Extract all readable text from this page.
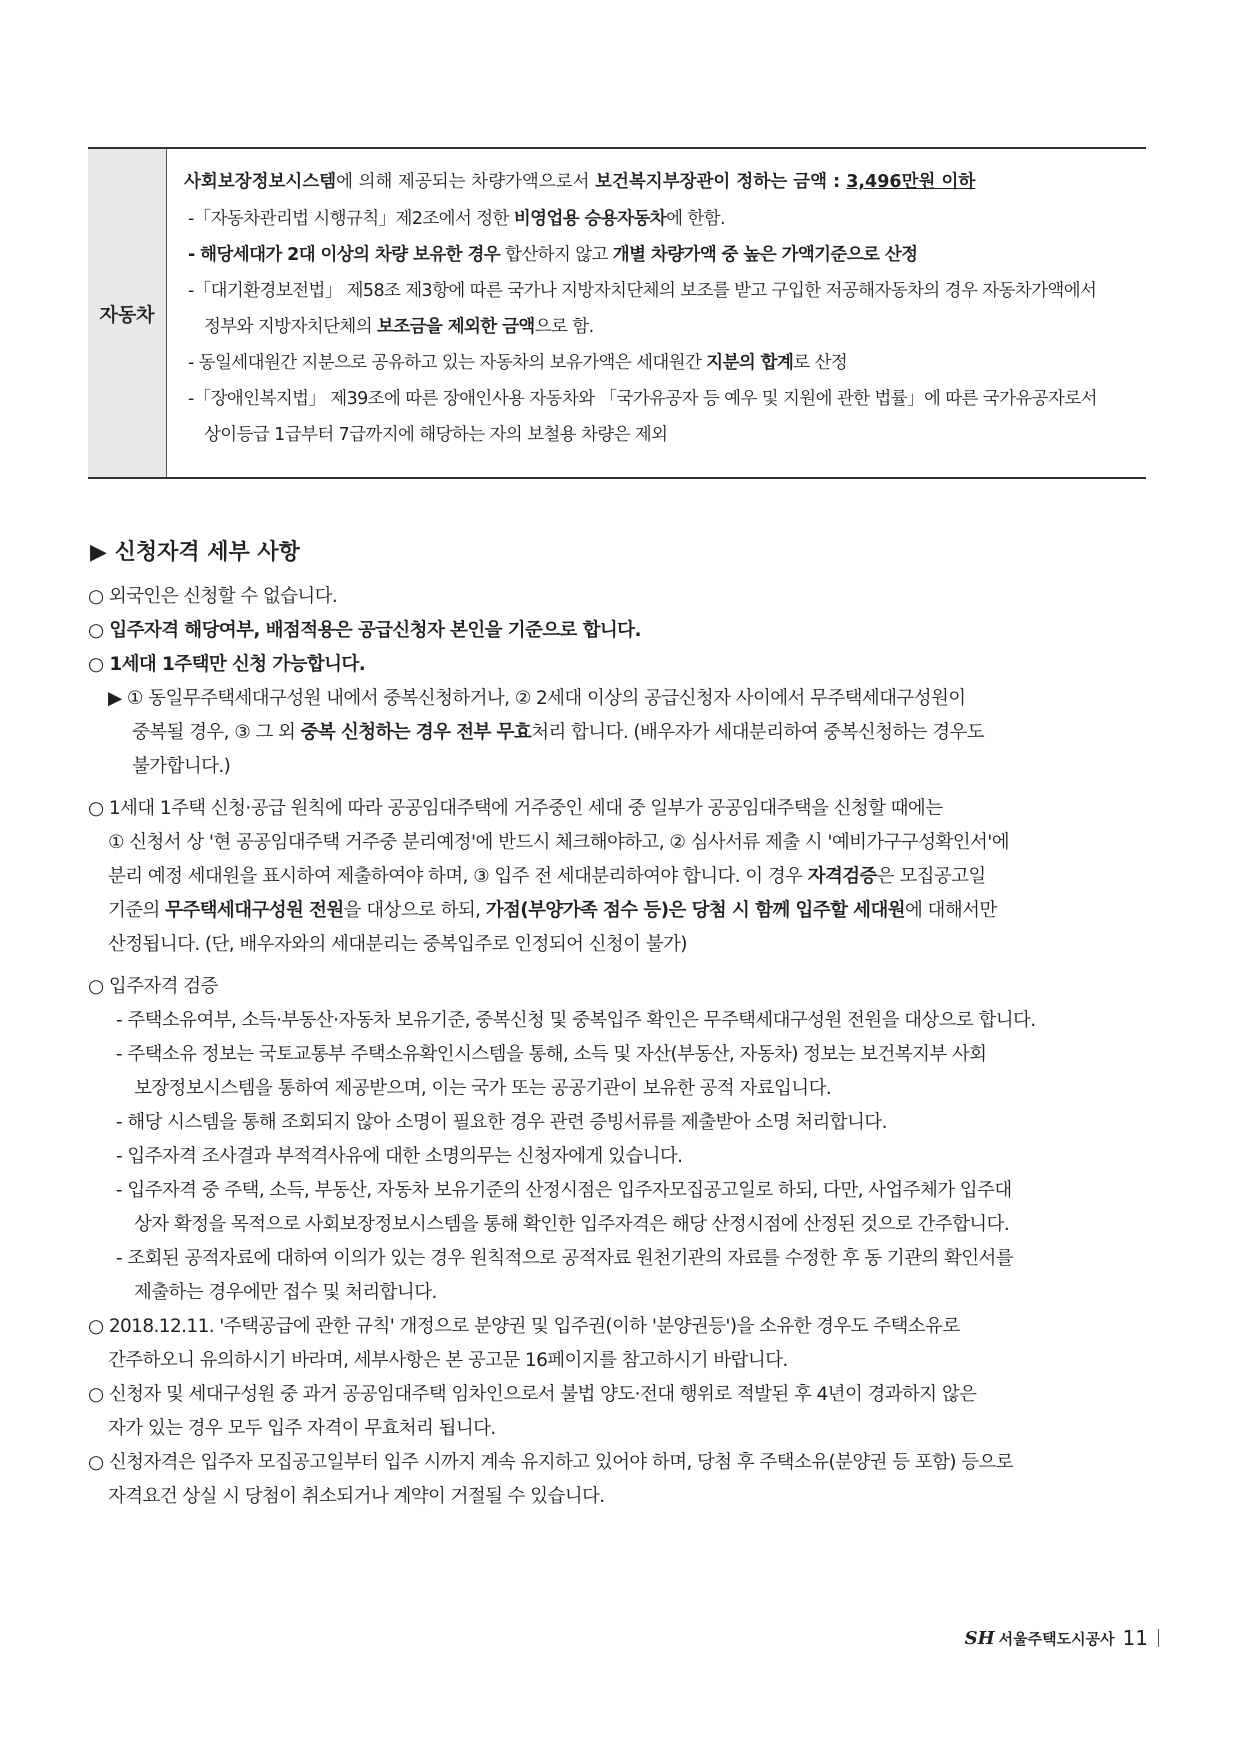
자동차
사회보장정보시스템에 의해 제공되는 차량가액으로서 보건복지부장관이 정하는 금액 : 3,496만원 이하
-「자동차관리법 시행규칙」제2조에서 정한 비영업용 승용자동차에 한함.
- 해당세대가 2대 이상의 차량 보유한 경우 합산하지 않고 개별 차량가액 중 높은 가액기준으로 산정
-「대기환경보전법」 제58조 제3항에 따른 국가나 지방자치단체의 보조를 받고 구입한 저공해자동차의 경우 자동차가액에서
정부와 지방자치단체의 보조금을 제외한 금액으로 함.
- 동일세대원간 지분으로 공유하고 있는 자동차의 보유가액은 세대원간 지분의 합계로 산정
-「장애인복지법」 제39조에 따른 장애인사용 자동차와 「국가유공자 등 예우 및 지원에 관한 법률」에 따른 국가유공자로서
상이등급 1급부터 7급까지에 해당하는 자의 보철용 차량은 제외
▶ 신청자격 세부 사항
○ 외국인은 신청할 수 없습니다.
○ 입주자격 해당여부, 배점적용은 공급신청자 본인을 기준으로 합니다.
○ 1세대 1주택만 신청 가능합니다.
▶ ① 동일무주택세대구성원 내에서 중복신청하거나, ② 2세대 이상의 공급신청자 사이에서 무주택세대구성원이
중복될 경우, ③ 그 외 중복 신청하는 경우 전부 무효처리 합니다. (배우자가 세대분리하여 중복신청하는 경우도
불가합니다.)
○ 1세대 1주택 신청·공급 원칙에 따라 공공임대주택에 거주중인 세대 중 일부가 공공임대주택을 신청할 때에는
① 신청서 상 '현 공공임대주택 거주중 분리예정'에 반드시 체크해야하고, ② 심사서류 제출 시 '예비가구구성확인서'에
분리 예정 세대원을 표시하여 제출하여야 하며, ③ 입주 전 세대분리하여야 합니다. 이 경우 자격검증은 모집공고일
기준의 무주택세대구성원 전원을 대상으로 하되, 가점(부양가족 점수 등)은 당첨 시 함께 입주할 세대원에 대해서만
산정됩니다. (단, 배우자와의 세대분리는 중복입주로 인정되어 신청이 불가)
○ 입주자격 검증
- 주택소유여부, 소득·부동산·자동차 보유기준, 중복신청 및 중복입주 확인은 무주택세대구성원 전원을 대상으로 합니다.
- 주택소유 정보는 국토교통부 주택소유확인시스템을 통해, 소득 및 자산(부동산, 자동차) 정보는 보건복지부 사회
보장정보시스템을 통하여 제공받으며, 이는 국가 또는 공공기관이 보유한 공적 자료입니다.
- 해당 시스템을 통해 조회되지 않아 소명이 필요한 경우 관련 증빙서류를 제출받아 소명 처리합니다.
- 입주자격 조사결과 부적격사유에 대한 소명의무는 신청자에게 있습니다.
- 입주자격 중 주택, 소득, 부동산, 자동차 보유기준의 산정시점은 입주자모집공고일로 하되, 다만, 사업주체가 입주대
상자 확정을 목적으로 사회보장정보시스템을 통해 확인한 입주자격은 해당 산정시점에 산정된 것으로 간주합니다.
- 조회된 공적자료에 대하여 이의가 있는 경우 원칙적으로 공적자료 원천기관의 자료를 수정한 후 동 기관의 확인서를
제출하는 경우에만 접수 및 처리합니다.
○ 2018.12.11. '주택공급에 관한 규칙' 개정으로 분양권 및 입주권(이하 '분양권등')을 소유한 경우도 주택소유로
간주하오니 유의하시기 바라며, 세부사항은 본 공고문 16페이지를 참고하시기 바랍니다.
○ 신청자 및 세대구성원 중 과거 공공임대주택 임차인으로서 불법 양도·전대 행위로 적발된 후 4년이 경과하지 않은
자가 있는 경우 모두 입주 자격이 무효처리 됩니다.
○ 신청자격은 입주자 모집공고일부터 입주 시까지 계속 유지하고 있어야 하며, 당첨 후 주택소유(분양권 등 포함) 등으로
자격요건 상실 시 당첨이 취소되거나 계약이 거절될 수 있습니다.
SH 서울주택도시공사 11
